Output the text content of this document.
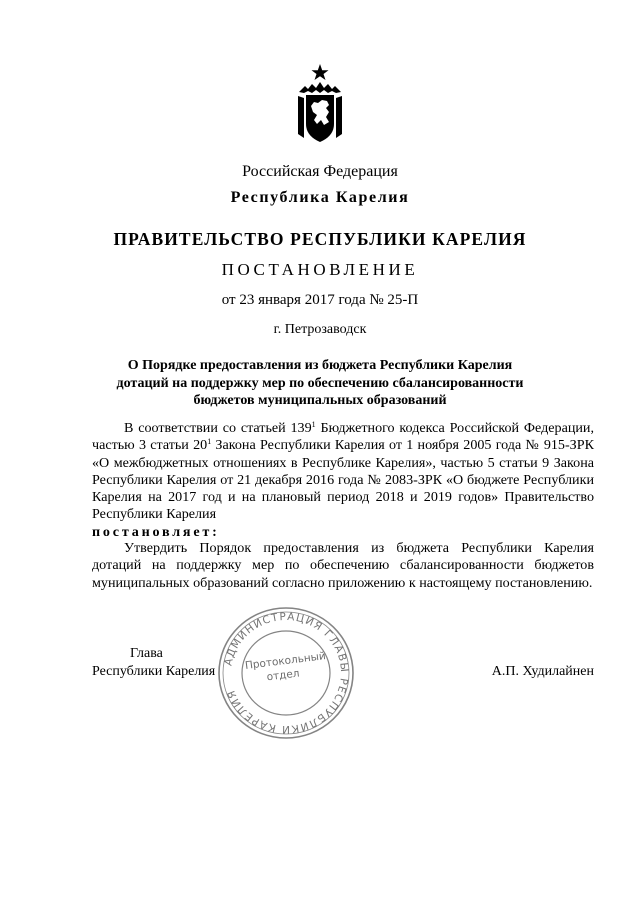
Российская Федерация
Республика Карелия
ПРАВИТЕЛЬСТВО РЕСПУБЛИКИ КАРЕЛИЯ
ПОСТАНОВЛЕНИЕ
от 23 января 2017 года № 25-П
г. Петрозаводск
О Порядке предоставления из бюджета Республики Карелия
дотаций на поддержку мер по обеспечению сбалансированности
бюджетов муниципальных образований
В соответствии со статьей $139^1$ Бюджетного кодекса Российской Федерации, частью 3 статьи $20^1$ Закона Республики Карелия от 1 ноября 2005 года № 915-ЗРК «О межбюджетных отношениях в Республике Карелия», частью 5 статьи 9 Закона Республики Карелия от 21 декабря 2016 года № 2083-ЗРК «О бюджете Республики Карелия на 2017 год и на плановый период 2018 и 2019 годов» Правительство Республики Карелия
постановляет:
Утвердить Порядок предоставления из бюджета Республики Карелия дотаций на поддержку мер по обеспечению сбалансированности бюджетов муниципальных образований согласно приложению к настоящему постановлению.
Глава
Республики Карелия	А.П. Худилайнен
АДМИНИСТРАЦИЯ ГЛАВЫ РЕСПУБЛИКИ КАРЕЛИЯ
Протокольный
отдел
